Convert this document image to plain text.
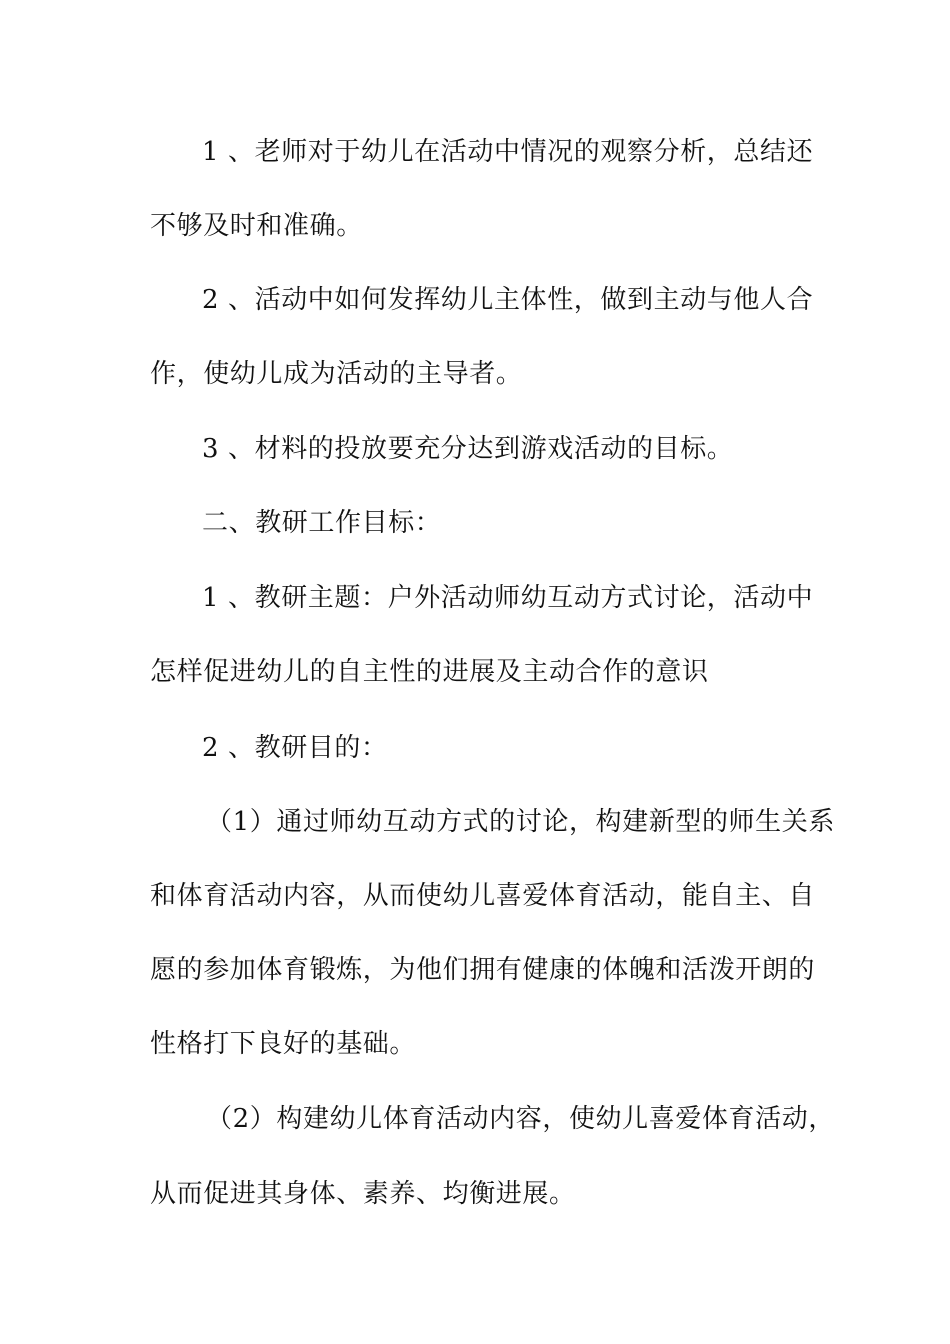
1 、老师对于幼儿在活动中情况的观察分析，总结还
不够及时和准确。
2 、活动中如何发挥幼儿主体性，做到主动与他人合
作，使幼儿成为活动的主导者。
3 、材料的投放要充分达到游戏活动的目标。
二、教研工作目标：
1 、教研主题：户外活动师幼互动方式讨论，活动中
怎样促进幼儿的自主性的进展及主动合作的意识
2 、教研目的：
（1）通过师幼互动方式的讨论，构建新型的师生关系
和体育活动内容，从而使幼儿喜爱体育活动，能自主、自
愿的参加体育锻炼，为他们拥有健康的体魄和活泼开朗的
性格打下良好的基础。
（2）构建幼儿体育活动内容，使幼儿喜爱体育活动，
从而促进其身体、素养、均衡进展。
